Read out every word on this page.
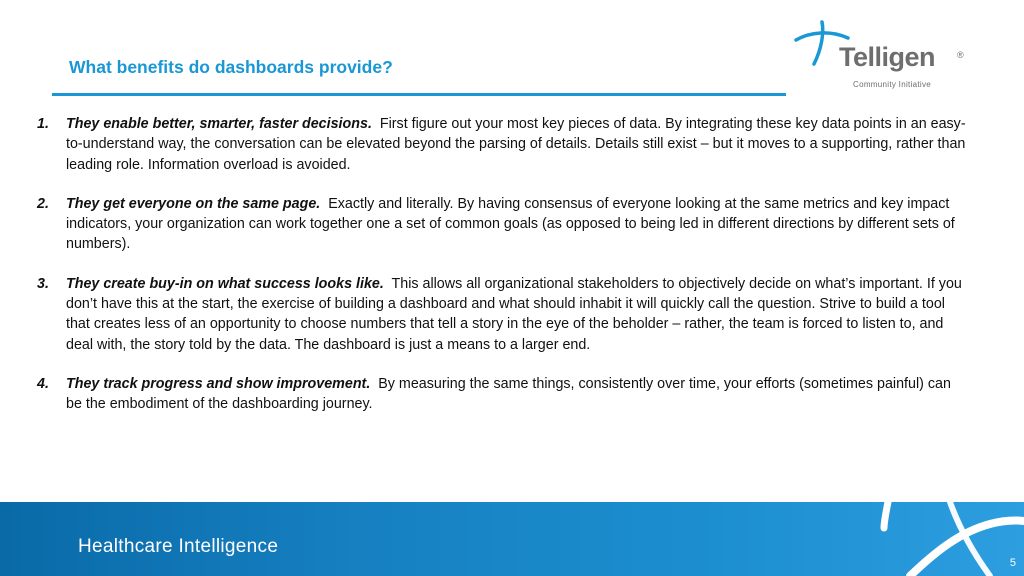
What benefits do dashboards provide?	Telligen ®
Community Initiative
1. They enable better, smarter, faster decisions. First figure out your most key pieces of data. By integrating these key data points in an easy-to-understand way, the conversation can be elevated beyond the parsing of details. Details still exist – but it moves to a supporting, rather than leading role. Information overload is avoided.
2. They get everyone on the same page. Exactly and literally. By having consensus of everyone looking at the same metrics and key impact indicators, your organization can work together one a set of common goals (as opposed to being led in different directions by different sets of numbers).
3. They create buy-in on what success looks like. This allows all organizational stakeholders to objectively decide on what’s important. If you don’t have this at the start, the exercise of building a dashboard and what should inhabit it will quickly call the question. Strive to build a tool that creates less of an opportunity to choose numbers that tell a story in the eye of the beholder – rather, the team is forced to listen to, and deal with, the story told by the data. The dashboard is just a means to a larger end.
4. They track progress and show improvement. By measuring the same things, consistently over time, your efforts (sometimes painful) can be the embodiment of the dashboarding journey.
Healthcare Intelligence
5
